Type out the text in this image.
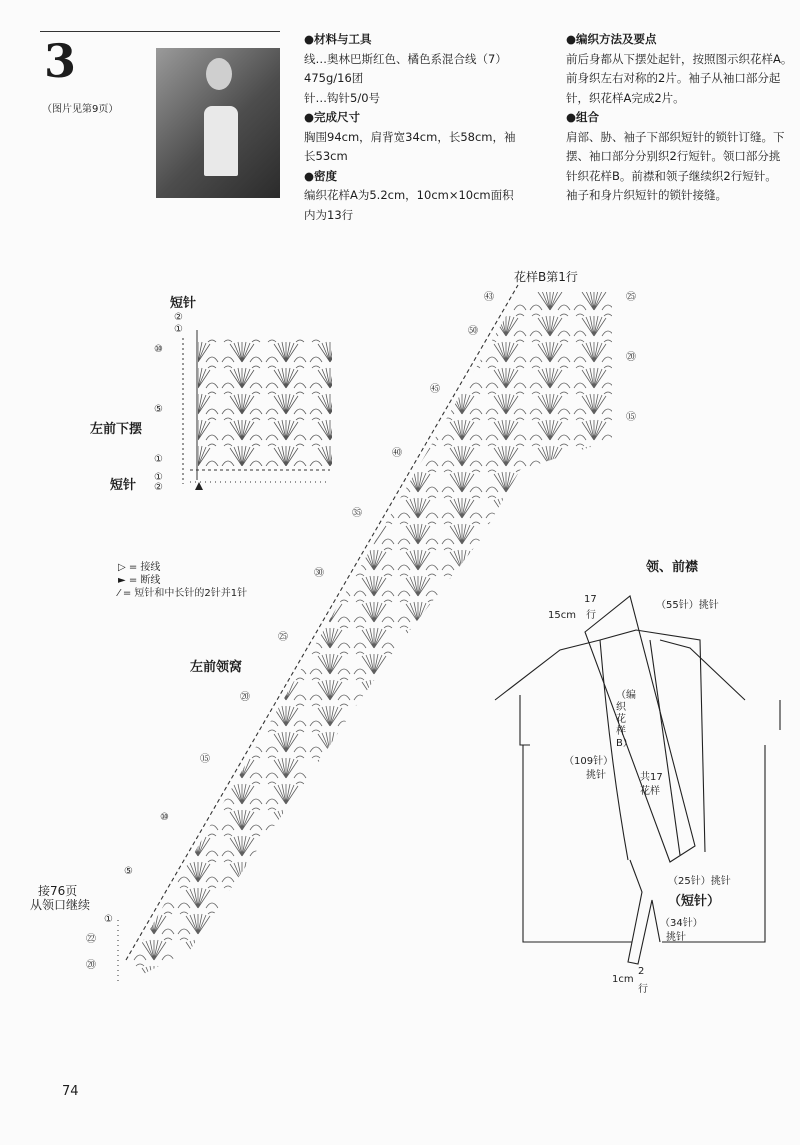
3
（图片见第9页）
●材料与工具
线…奥林巴斯红色、橘色系混合线（7）
475g/16团
针…钩针5/0号
●完成尺寸
胸围94cm，肩背宽34cm，长58cm，袖
长53cm
●密度
编织花样A为5.2cm，10cm×10cm面积
内为13行
●编织方法及要点
前后身都从下摆处起针，按照图示织花样A。
前身织左右对称的2片。袖子从袖口部分起
针，织花样A完成2片。
●组合
肩部、胁、袖子下部织短针的锁针订缝。下
摆、袖口部分分别织2行短针。领口部分挑
针织花样B。前襟和领子继续织2行短针。
袖子和身片织短针的锁针接缝。
短针
短针
左前下摆
左前领窝
花样B第1行
接76页
从领口继续
▷ = 接线
► = 断线
⁄ = 短针和中长针的2针并1针
②
①
⑩
⑤
①
①
②
㊸
㊿
㊺
㊵
㉟
㉚
㉕
⑳
⑮
⑩
⑤
①
㉒
⑳
㉕
⑳
⑮
领、前襟
15cm
17
行
（55针）挑针
（编织花样B）
（109针）
挑针	共17
花样
（25针）挑针
（短针）
（34针）
挑针
1cm
2
行
74
